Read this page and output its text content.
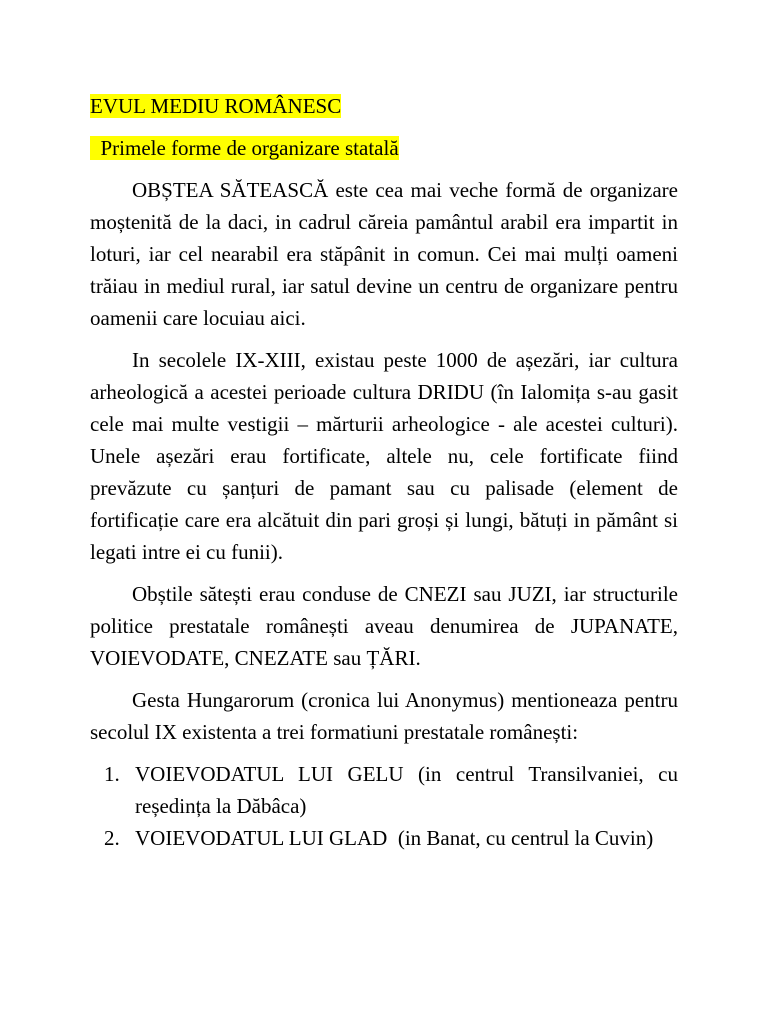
EVUL MEDIU ROMÂNESC
Primele forme de organizare statală

OBȘTEA SĂTEASCĂ este cea mai veche formă de organizare moștenită de la daci, in cadrul căreia pamântul arabil era impartit in loturi, iar cel nearabil era stăpânit in comun. Cei mai mulți oameni trăiau in mediul rural, iar satul devine un centru de organizare pentru oamenii care locuiau aici.

In secolele IX-XIII, existau peste 1000 de așezări, iar cultura arheologică a acestei perioade cultura DRIDU (în Ialomița s-au gasit cele mai multe vestigii – mărturii arheologice - ale acestei culturi). Unele așezări erau fortificate, altele nu, cele fortificate fiind prevăzute cu șanțuri de pamant sau cu palisade (element de fortificație care era alcătuit din pari groși și lungi, bătuți in pământ si legati intre ei cu funii).

Obștile sătești erau conduse de CNEZI sau JUZI, iar structurile politice prestatale românești aveau denumirea de JUPANATE, VOIEVODATE, CNEZATE sau ȚĂRI.

Gesta Hungarorum (cronica lui Anonymus) mentioneaza pentru secolul IX existenta a trei formatiuni prestatale românești:

1. VOIEVODATUL LUI GELU (in centrul Transilvaniei, cu reședința la Dăbâca)
2. VOIEVODATUL LUI GLAD  (in Banat, cu centrul la Cuvin)
